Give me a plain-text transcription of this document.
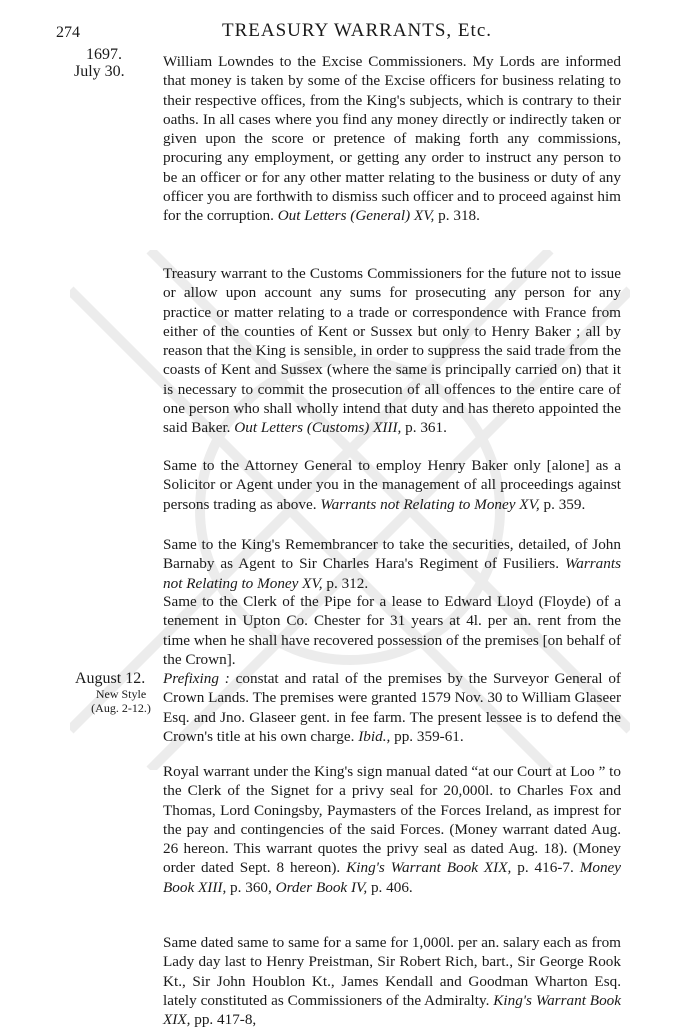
274	TREASURY WARRANTS, Etc.
1697.
July 30.
August 12.
New Style
(Aug. 2-12.)

William Lowndes to the Excise Commissioners. My Lords are informed that money is taken by some of the Excise officers for business relating to their respective offices, from the King's subjects, which is contrary to their oaths. In all cases where you find any money directly or indirectly taken or given upon the score or pretence of making forth any commissions, procuring any employment, or getting any order to instruct any person to be an officer or for any other matter relating to the business or duty of any officer you are forthwith to dismiss such officer and to proceed against him for the corruption. Out Letters (General) XV, p. 318.

Treasury warrant to the Customs Commissioners for the future not to issue or allow upon account any sums for prosecuting any person for any practice or matter relating to a trade or correspondence with France from either of the counties of Kent or Sussex but only to Henry Baker ; all by reason that the King is sensible, in order to suppress the said trade from the coasts of Kent and Sussex (where the same is principally carried on) that it is necessary to commit the prosecution of all offences to the entire care of one person who shall wholly intend that duty and has thereto appointed the said Baker. Out Letters (Customs) XIII, p. 361.

Same to the Attorney General to employ Henry Baker only [alone] as a Solicitor or Agent under you in the management of all proceedings against persons trading as above. Warrants not Relating to Money XV, p. 359.

Same to the King's Remembrancer to take the securities, detailed, of John Barnaby as Agent to Sir Charles Hara's Regiment of Fusiliers. Warrants not Relating to Money XV, p. 312.

Same to the Clerk of the Pipe for a lease to Edward Lloyd (Floyde) of a tenement in Upton Co. Chester for 31 years at 4l. per an. rent from the time when he shall have recovered possession of the premises [on behalf of the Crown].

Prefixing : constat and ratal of the premises by the Surveyor General of Crown Lands. The premises were granted 1579 Nov. 30 to William Glaseer Esq. and Jno. Glaseer gent. in fee farm. The present lessee is to defend the Crown's title at his own charge. Ibid., pp. 359-61.

Royal warrant under the King's sign manual dated “at our Court at Loo ” to the Clerk of the Signet for a privy seal for 20,000l. to Charles Fox and Thomas, Lord Coningsby, Paymasters of the Forces Ireland, as imprest for the pay and contingencies of the said Forces. (Money warrant dated Aug. 26 hereon. This warrant quotes the privy seal as dated Aug. 18). (Money order dated Sept. 8 hereon). King's Warrant Book XIX, p. 416-7. Money Book XIII, p. 360, Order Book IV, p. 406.

Same dated same to same for a same for 1,000l. per an. salary each as from Lady day last to Henry Preistman, Sir Robert Rich, bart., Sir George Rook Kt., Sir John Houblon Kt., James Kendall and Goodman Wharton Esq. lately constituted as Commissioners of the Admiralty. King's Warrant Book XIX, pp. 417-8,
